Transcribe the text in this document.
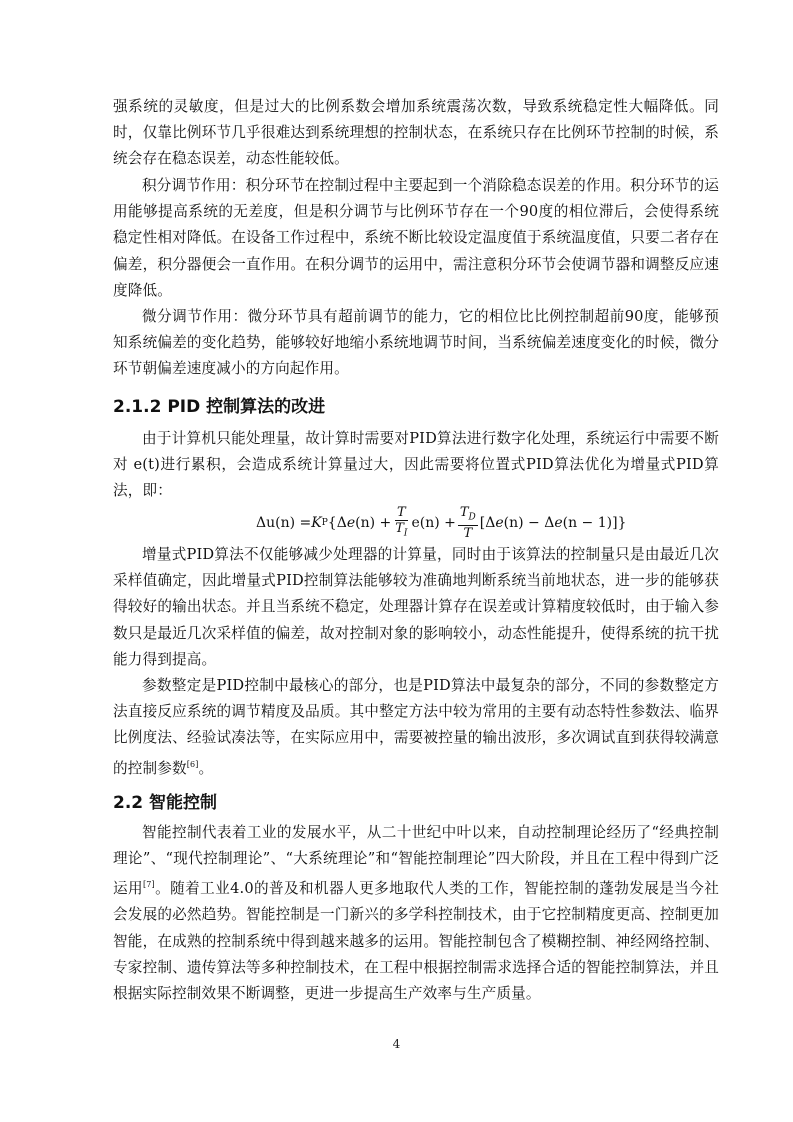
强系统的灵敏度，但是过大的比例系数会增加系统震荡次数，导致系统稳定性大幅降低。同时，仅靠比例环节几乎很难达到系统理想的控制状态，在系统只存在比例环节控制的时候，系统会存在稳态误差，动态性能较低。

积分调节作用：积分环节在控制过程中主要起到一个消除稳态误差的作用。积分环节的运用能够提高系统的无差度，但是积分调节与比例环节存在一个90度的相位滞后，会使得系统稳定性相对降低。在设备工作过程中，系统不断比较设定温度值于系统温度值，只要二者存在偏差，积分器便会一直作用。在积分调节的运用中，需注意积分环节会使调节器和调整反应速度降低。

微分调节作用：微分环节具有超前调节的能力，它的相位比比例控制超前90度，能够预知系统偏差的变化趋势，能够较好地缩小系统地调节时间，当系统偏差速度变化的时候，微分环节朝偏差速度减小的方向起作用。

2.1.2 PID 控制算法的改进

由于计算机只能处理量，故计算时需要对PID算法进行数字化处理，系统运行中需要不断对 e(t)进行累积，会造成系统计算量过大，因此需要将位置式PID算法优化为增量式PID算法，即：

Δu(n) = K P {Δ e $(n) + \frac{T}{T_I} e(n) + \frac{T_D}{T} [\Delta$ e (n) − Δ e (n − 1)]}

增量式PID算法不仅能够减少处理器的计算量，同时由于该算法的控制量只是由最近几次采样值确定，因此增量式PID控制算法能够较为准确地判断系统当前地状态，进一步的能够获得较好的输出状态。并且当系统不稳定，处理器计算存在误差或计算精度较低时，由于输入参数只是最近几次采样值的偏差，故对控制对象的影响较小，动态性能提升，使得系统的抗干扰能力得到提高。

参数整定是PID控制中最核心的部分，也是PID算法中最复杂的部分，不同的参数整定方法直接反应系统的调节精度及品质。其中整定方法中较为常用的主要有动态特性参数法、临界比例度法、经验试凑法等，在实际应用中，需要被控量的输出波形，多次调试直到获得较满意的控制参数[6]。

2.2 智能控制

智能控制代表着工业的发展水平，从二十世纪中叶以来，自动控制理论经历了“经典控制理论”、“现代控制理论”、“大系统理论”和“智能控制理论”四大阶段，并且在工程中得到广泛运用[7]。随着工业4.0的普及和机器人更多地取代人类的工作，智能控制的蓬勃发展是当今社会发展的必然趋势。智能控制是一门新兴的多学科控制技术，由于它控制精度更高、控制更加智能，在成熟的控制系统中得到越来越多的运用。智能控制包含了模糊控制、神经网络控制、专家控制、遗传算法等多种控制技术，在工程中根据控制需求选择合适的智能控制算法，并且根据实际控制效果不断调整，更进一步提高生产效率与生产质量。

4
